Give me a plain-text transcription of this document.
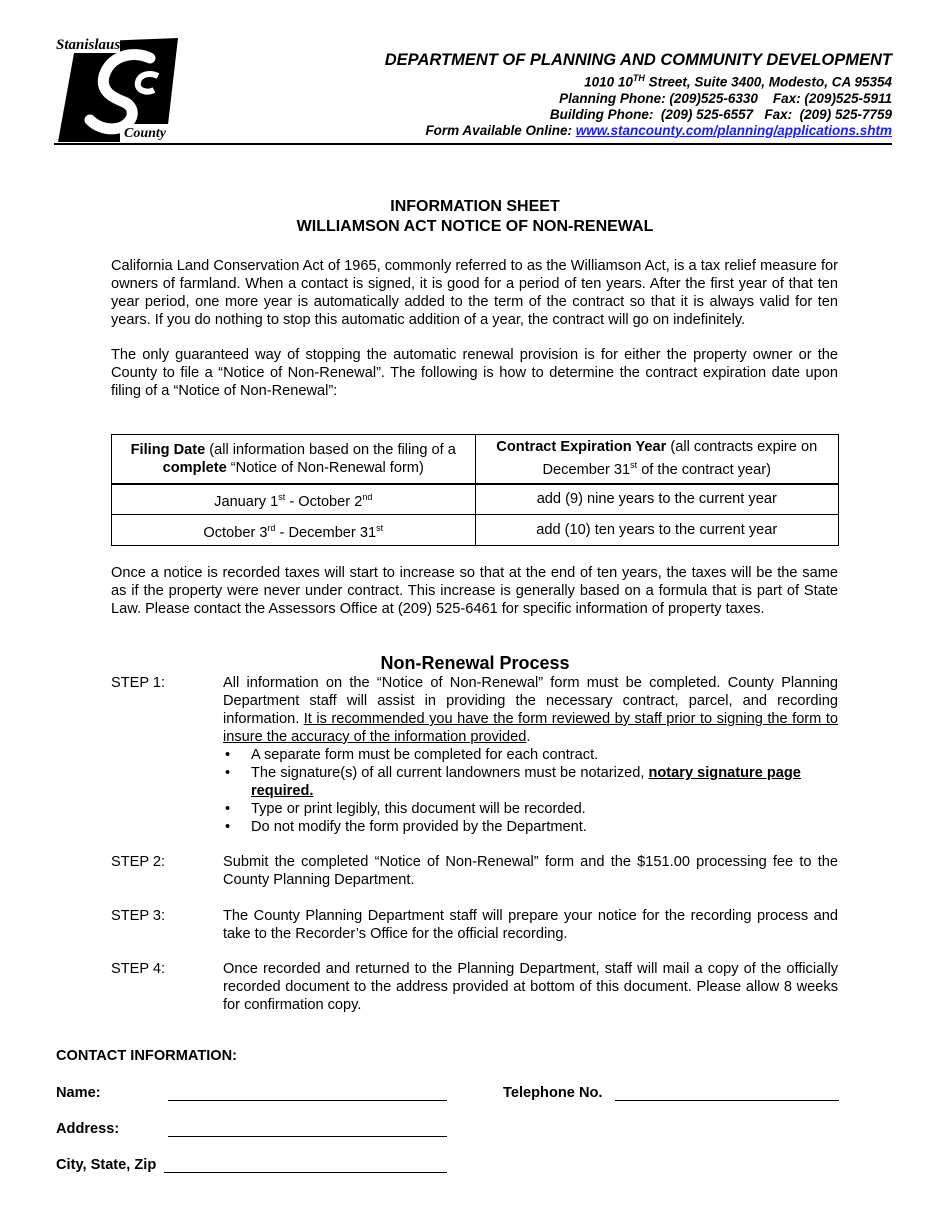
Stanislaus
County
DEPARTMENT OF PLANNING AND COMMUNITY DEVELOPMENT
1010 10TH Street, Suite 3400, Modesto, CA 95354
Planning Phone: (209)525-6330    Fax: (209)525-5911
Building Phone:  (209) 525-6557   Fax:  (209) 525-7759
Form Available Online: www.stancounty.com/planning/applications.shtm
INFORMATION SHEET
WILLIAMSON ACT NOTICE OF NON-RENEWAL
California Land Conservation Act of 1965, commonly referred to as the Williamson Act, is a tax relief measure for owners of farmland. When a contact is signed, it is good for a period of ten years. After the first year of that ten year period, one more year is automatically added to the term of the contract so that it is always valid for ten years. If you do nothing to stop this automatic addition of a year, the contract will go on indefinitely.
The only guaranteed way of stopping the automatic renewal provision is for either the property owner or the County to file a “Notice of Non-Renewal”. The following is how to determine the contract expiration date upon filing of a “Notice of Non-Renewal”:
Filing Date (all information based on the filing of a complete “Notice of Non-Renewal form)	Contract Expiration Year (all contracts expire on December 31st of the contract year)
January 1st - October 2nd	add (9) nine years to the current year
October 3rd - December 31st	add (10) ten years to the current year
Once a notice is recorded taxes will start to increase so that at the end of ten years, the taxes will be the same as if the property were never under contract. This increase is generally based on a formula that is part of State Law. Please contact the Assessors Office at (209) 525-6461 for specific information of property taxes.
Non-Renewal Process
STEP 1:	All information on the “Notice of Non-Renewal” form must be completed. County Planning Department staff will assist in providing the necessary contract, parcel, and recording information. It is recommended you have the form reviewed by staff prior to signing the form to insure the accuracy of the information provided.
• A separate form must be completed for each contract.
• The signature(s) of all current landowners must be notarized, notary signature page required.
• Type or print legibly, this document will be recorded.
• Do not modify the form provided by the Department.
STEP 2:	Submit the completed “Notice of Non-Renewal” form and the $151.00 processing fee to the County Planning Department.
STEP 3:	The County Planning Department staff will prepare your notice for the recording process and take to the Recorder’s Office for the official recording.
STEP 4:	Once recorded and returned to the Planning Department, staff will mail a copy of the officially recorded document to the address provided at bottom of this document. Please allow 8 weeks for confirmation copy.
CONTACT INFORMATION:
Name:	Telephone No.
Address:
City, State, Zip
